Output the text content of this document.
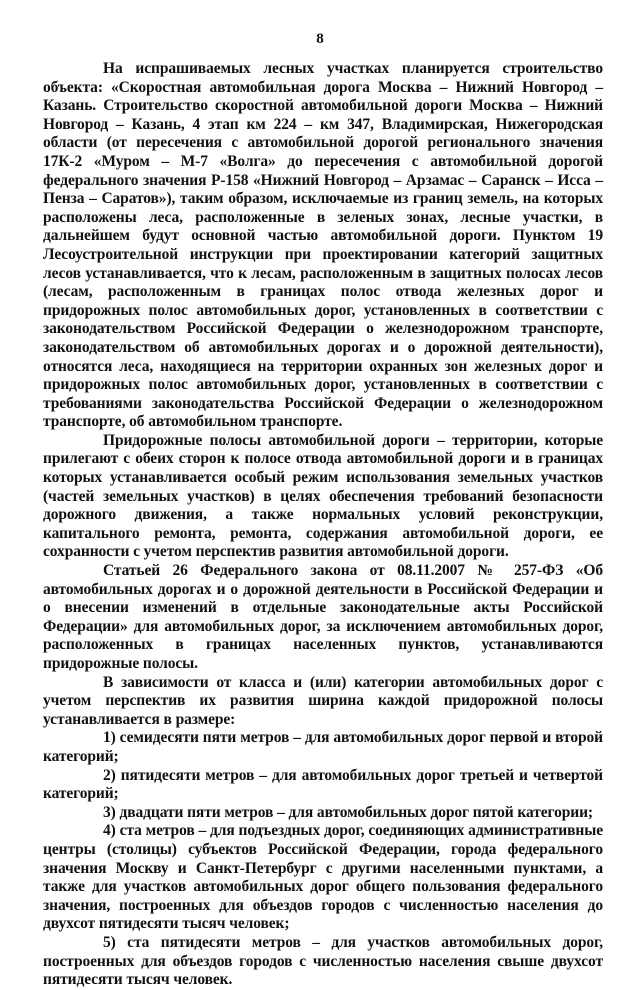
8

На испрашиваемых лесных участках планируется строительство объекта: «Скоростная автомобильная дорога Москва – Нижний Новгород – Казань. Строительство скоростной автомобильной дороги Москва – Нижний Новгород – Казань, 4 этап км 224 – км 347, Владимирская, Нижегородская области (от пересечения с автомобильной дорогой регионального значения 17К-2 «Муром – М-7 «Волга» до пересечения с автомобильной дорогой федерального значения Р-158 «Нижний Новгород – Арзамас – Саранск – Исса – Пенза – Саратов»), таким образом, исключаемые из границ земель, на которых расположены леса, расположенные в зеленых зонах, лесные участки, в дальнейшем будут основной частью автомобильной дороги. Пунктом 19 Лесоустроительной инструкции при проектировании категорий защитных лесов устанавливается, что к лесам, расположенным в защитных полосах лесов (лесам, расположенным в границах полос отвода железных дорог и придорожных полос автомобильных дорог, установленных в соответствии с законодательством Российской Федерации о железнодорожном транспорте, законодательством об автомобильных дорогах и о дорожной деятельности), относятся леса, находящиеся на территории охранных зон железных дорог и придорожных полос автомобильных дорог, установленных в соответствии с требованиями законодательства Российской Федерации о железнодорожном транспорте, об автомобильном транспорте.

Придорожные полосы автомобильной дороги – территории, которые прилегают с обеих сторон к полосе отвода автомобильной дороги и в границах которых устанавливается особый режим использования земельных участков (частей земельных участков) в целях обеспечения требований безопасности дорожного движения, а также нормальных условий реконструкции, капитального ремонта, ремонта, содержания автомобильной дороги, ее сохранности с учетом перспектив развития автомобильной дороги.

Статьей 26 Федерального закона от 08.11.2007 № 257-ФЗ «Об автомобильных дорогах и о дорожной деятельности в Российской Федерации и о внесении изменений в отдельные законодательные акты Российской Федерации» для автомобильных дорог, за исключением автомобильных дорог, расположенных в границах населенных пунктов, устанавливаются придорожные полосы.

В зависимости от класса и (или) категории автомобильных дорог с учетом перспектив их развития ширина каждой придорожной полосы устанавливается в размере:

1) семидесяти пяти метров – для автомобильных дорог первой и второй категорий;

2) пятидесяти метров – для автомобильных дорог третьей и четвертой категорий;

3) двадцати пяти метров – для автомобильных дорог пятой категории;

4) ста метров – для подъездных дорог, соединяющих административные центры (столицы) субъектов Российской Федерации, города федерального значения Москву и Санкт-Петербург с другими населенными пунктами, а также для участков автомобильных дорог общего пользования федерального значения, построенных для объездов городов с численностью населения до двухсот пятидесяти тысяч человек;

5) ста пятидесяти метров – для участков автомобильных дорог, построенных для объездов городов с численностью населения свыше двухсот пятидесяти тысяч человек.
